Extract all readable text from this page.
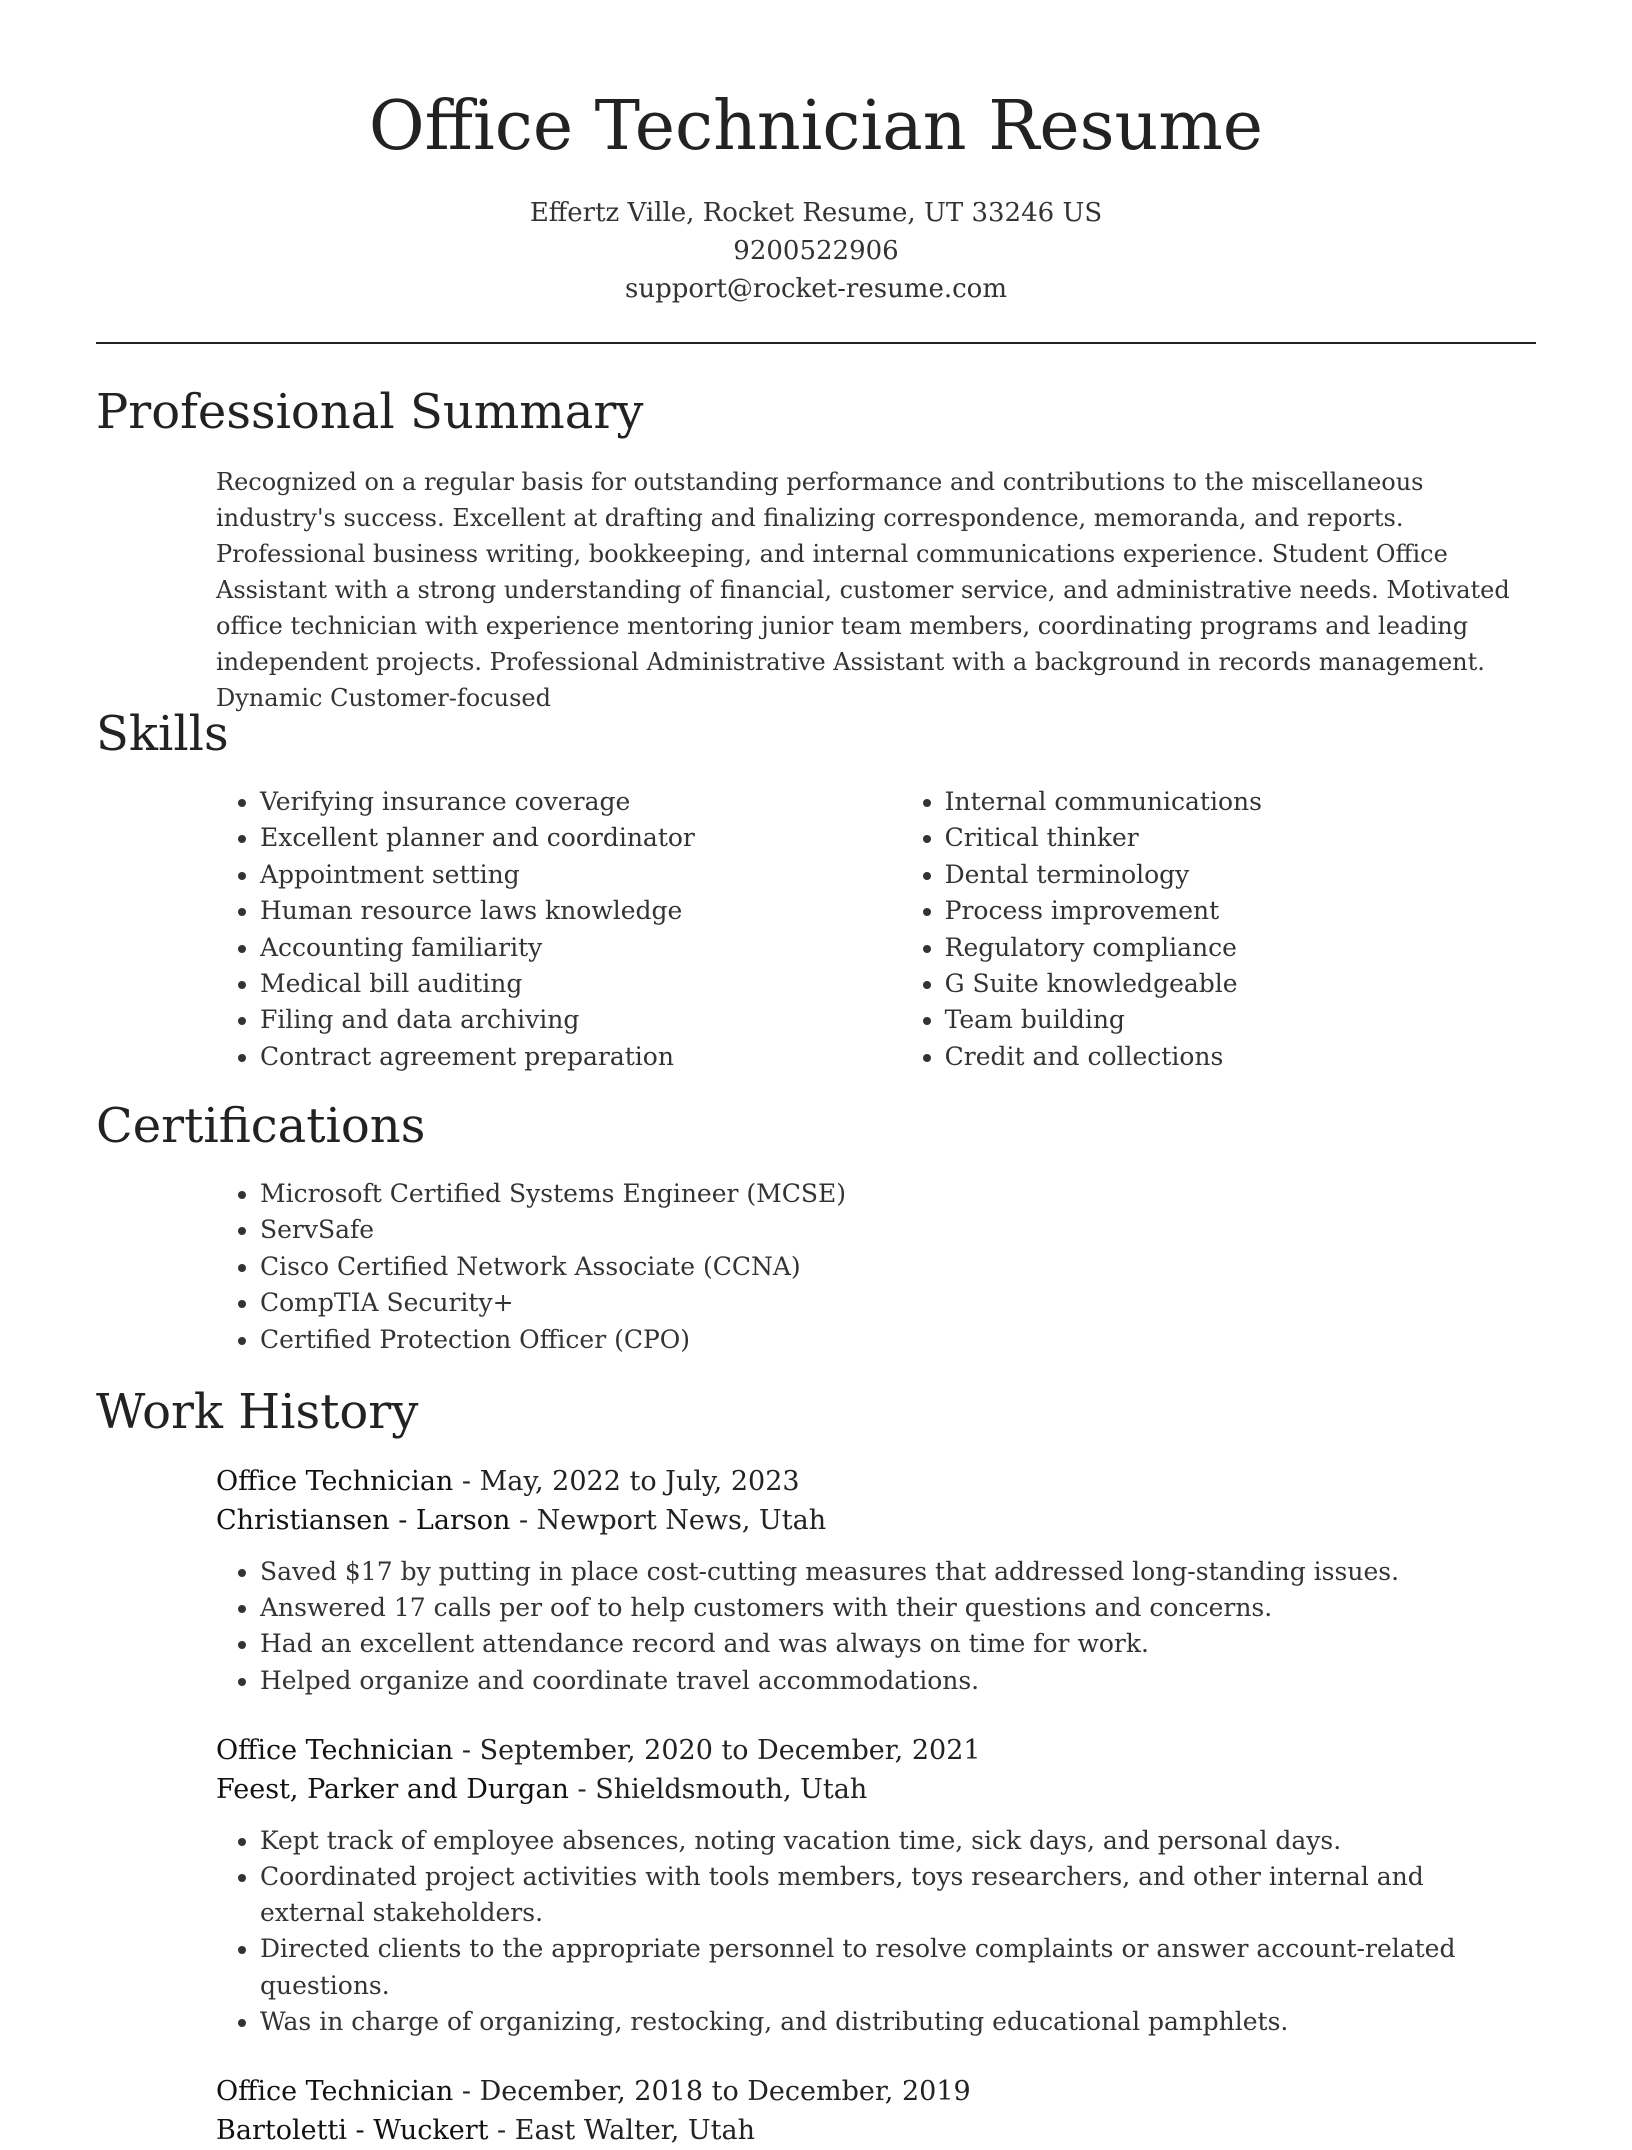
Office Technician Resume
Effertz Ville, Rocket Resume, UT 33246 US
9200522906
support@rocket-resume.com
Professional Summary
Recognized on a regular basis for outstanding performance and contributions to the miscellaneous industry's success. Excellent at drafting and finalizing correspondence, memoranda, and reports. Professional business writing, bookkeeping, and internal communications experience. Student Office Assistant with a strong understanding of financial, customer service, and administrative needs. Motivated office technician with experience mentoring junior team members, coordinating programs and leading independent projects. Professional Administrative Assistant with a background in records management. Dynamic Customer-focused
Skills
• Verifying insurance coverage
• Excellent planner and coordinator
• Appointment setting
• Human resource laws knowledge
• Accounting familiarity
• Medical bill auditing
• Filing and data archiving
• Contract agreement preparation
• Internal communications
• Critical thinker
• Dental terminology
• Process improvement
• Regulatory compliance
• G Suite knowledgeable
• Team building
• Credit and collections
Certifications
• Microsoft Certified Systems Engineer (MCSE)
• ServSafe
• Cisco Certified Network Associate (CCNA)
• CompTIA Security+
• Certified Protection Officer (CPO)
Work History
Office Technician - May, 2022 to July, 2023
Christiansen - Larson - Newport News, Utah
• Saved $17 by putting in place cost-cutting measures that addressed long-standing issues.
• Answered 17 calls per oof to help customers with their questions and concerns.
• Had an excellent attendance record and was always on time for work.
• Helped organize and coordinate travel accommodations.
Office Technician - September, 2020 to December, 2021
Feest, Parker and Durgan - Shieldsmouth, Utah
• Kept track of employee absences, noting vacation time, sick days, and personal days.
• Coordinated project activities with tools members, toys researchers, and other internal and external stakeholders.
• Directed clients to the appropriate personnel to resolve complaints or answer account-related questions.
• Was in charge of organizing, restocking, and distributing educational pamphlets.
Office Technician - December, 2018 to December, 2019
Bartoletti - Wuckert - East Walter, Utah
